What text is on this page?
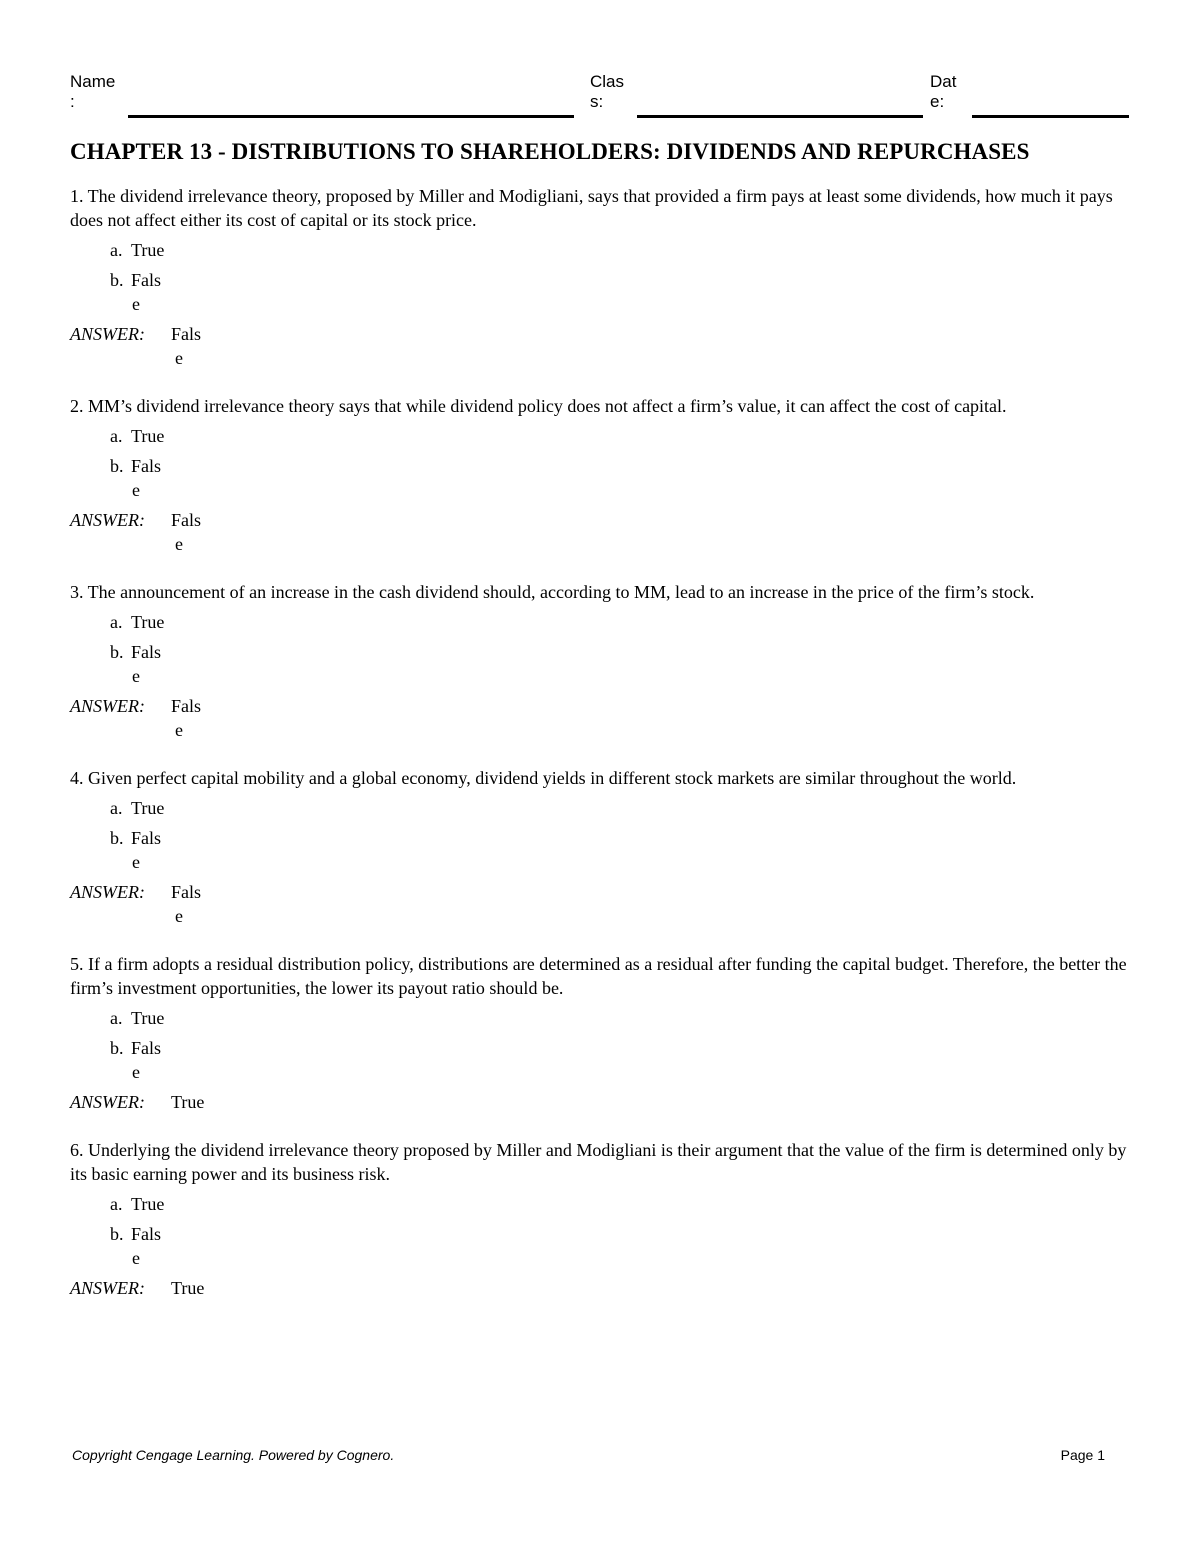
Name
:
Clas
s:
Dat
e:
CHAPTER 13 - DISTRIBUTIONS TO SHAREHOLDERS: DIVIDENDS AND REPURCHASES

1. The dividend irrelevance theory, proposed by Miller and Modigliani, says that provided a firm pays at least some dividends, how much it pays does not affect either its cost of capital or its stock price.

a. True
b. Fals
e
ANSWER: Fals
e

2. MM’s dividend irrelevance theory says that while dividend policy does not affect a firm’s value, it can affect the cost of capital.

a. True
b. Fals
e
ANSWER: Fals
e

3. The announcement of an increase in the cash dividend should, according to MM, lead to an increase in the price of the firm’s stock.

a. True
b. Fals
e
ANSWER: Fals
e

4. Given perfect capital mobility and a global economy, dividend yields in different stock markets are similar throughout the world.

a. True
b. Fals
e
ANSWER: Fals
e

5. If a firm adopts a residual distribution policy, distributions are determined as a residual after funding the capital budget. Therefore, the better the firm’s investment opportunities, the lower its payout ratio should be.

a. True
b. Fals
e
ANSWER: True

6. Underlying the dividend irrelevance theory proposed by Miller and Modigliani is their argument that the value of the firm is determined only by its basic earning power and its business risk.

a. True
b. Fals
e
ANSWER: True
Copyright Cengage Learning. Powered by Cognero.	Page 1
